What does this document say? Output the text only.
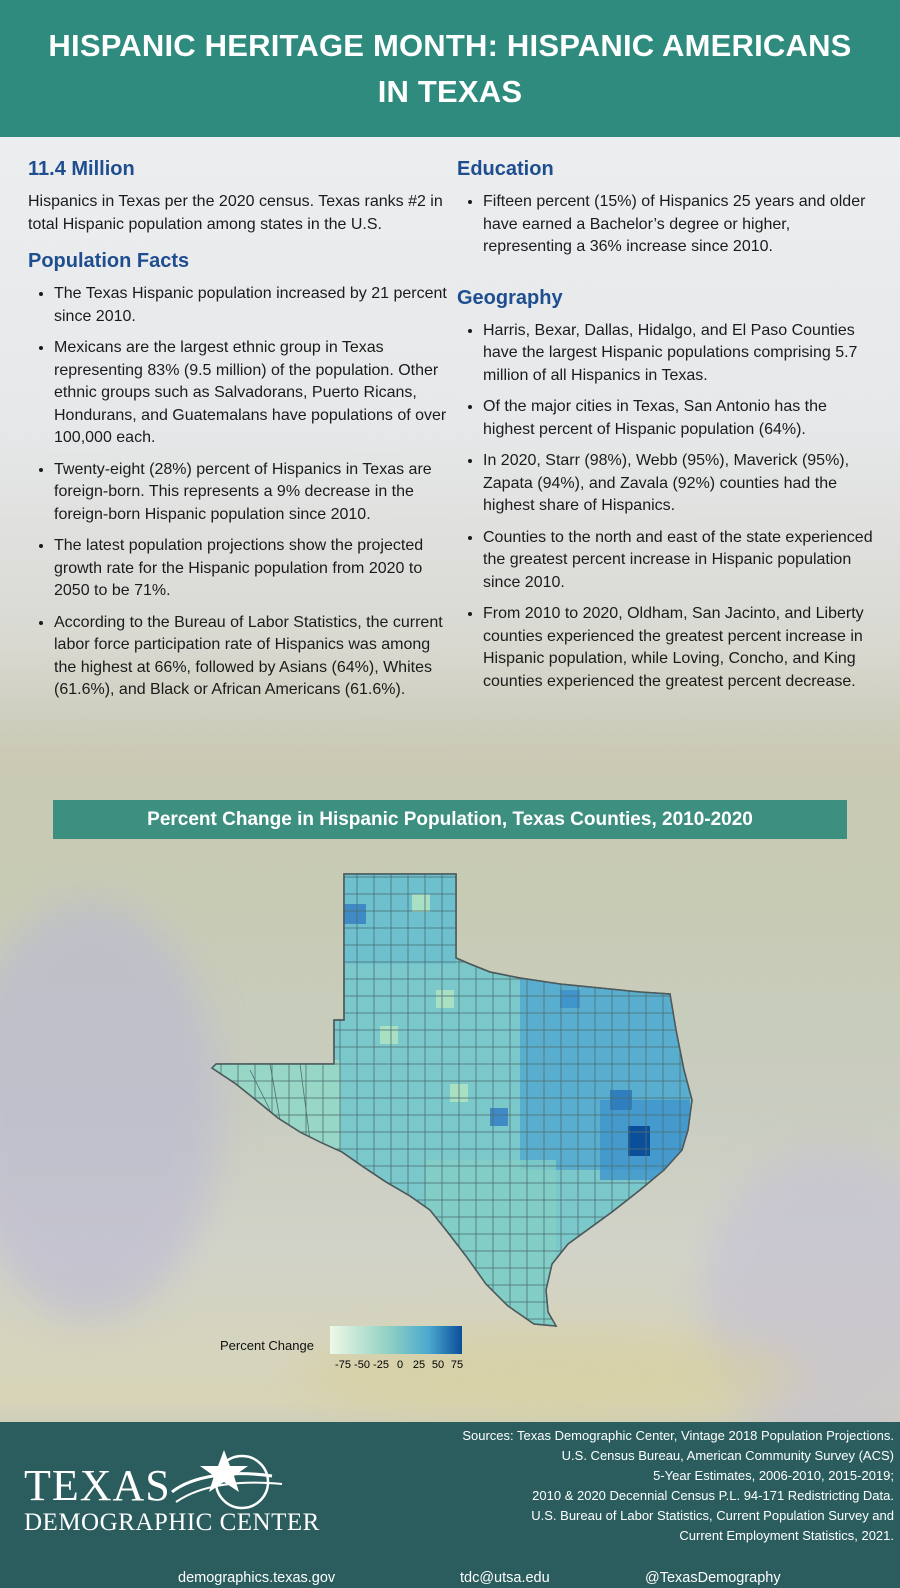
HISPANIC HERITAGE MONTH: HISPANIC AMERICANS IN TEXAS
11.4 Million

Hispanics in Texas per the 2020 census. Texas ranks #2 in total Hispanic population among states in the U.S.

Population Facts
• The Texas Hispanic population increased by 21 percent since 2010.
• Mexicans are the largest ethnic group in Texas representing 83% (9.5 million) of the population. Other ethnic groups such as Salvadorans, Puerto Ricans, Hondurans, and Guatemalans have populations of over 100,000 each.
• Twenty-eight (28%) percent of Hispanics in Texas are foreign-born. This represents a 9% decrease in the foreign-born Hispanic population since 2010.
• The latest population projections show the projected growth rate for the Hispanic population from 2020 to 2050 to be 71%.
• According to the Bureau of Labor Statistics, the current labor force participation rate of Hispanics was among the highest at 66%, followed by Asians (64%), Whites (61.6%), and Black or African Americans (61.6%).
Education
• Fifteen percent (15%) of Hispanics 25 years and older have earned a Bachelor’s degree or higher, representing a 36% increase since 2010.
Geography
• Harris, Bexar, Dallas, Hidalgo, and El Paso Counties have the largest Hispanic populations comprising 5.7 million of all Hispanics in Texas.
• Of the major cities in Texas, San Antonio has the highest percent of Hispanic population (64%).
• In 2020, Starr (98%), Webb (95%), Maverick (95%), Zapata (94%), and Zavala (92%) counties had the highest share of Hispanics.
• Counties to the north and east of the state experienced the greatest percent increase in Hispanic population since 2010.
• From 2010 to 2020, Oldham, San Jacinto, and Liberty counties experienced the greatest percent increase in Hispanic population, while Loving, Concho, and King counties experienced the greatest percent decrease.
Percent Change in Hispanic Population, Texas Counties, 2010-2020
Percent Change
-75 -50 -25 0 25 50 75
Sources: Texas Demographic Center, Vintage 2018 Population Projections.
U.S. Census Bureau, American Community Survey (ACS)
5-Year Estimates, 2006-2010, 2015-2019;
2010 & 2020 Decennial Census P.L. 94-171 Redistricting Data.
U.S. Bureau of Labor Statistics, Current Population Survey and
Current Employment Statistics, 2021.
TEXAS
DEMOGRAPHIC CENTER
demographics.texas.gov	tdc@utsa.edu	@TexasDemography
